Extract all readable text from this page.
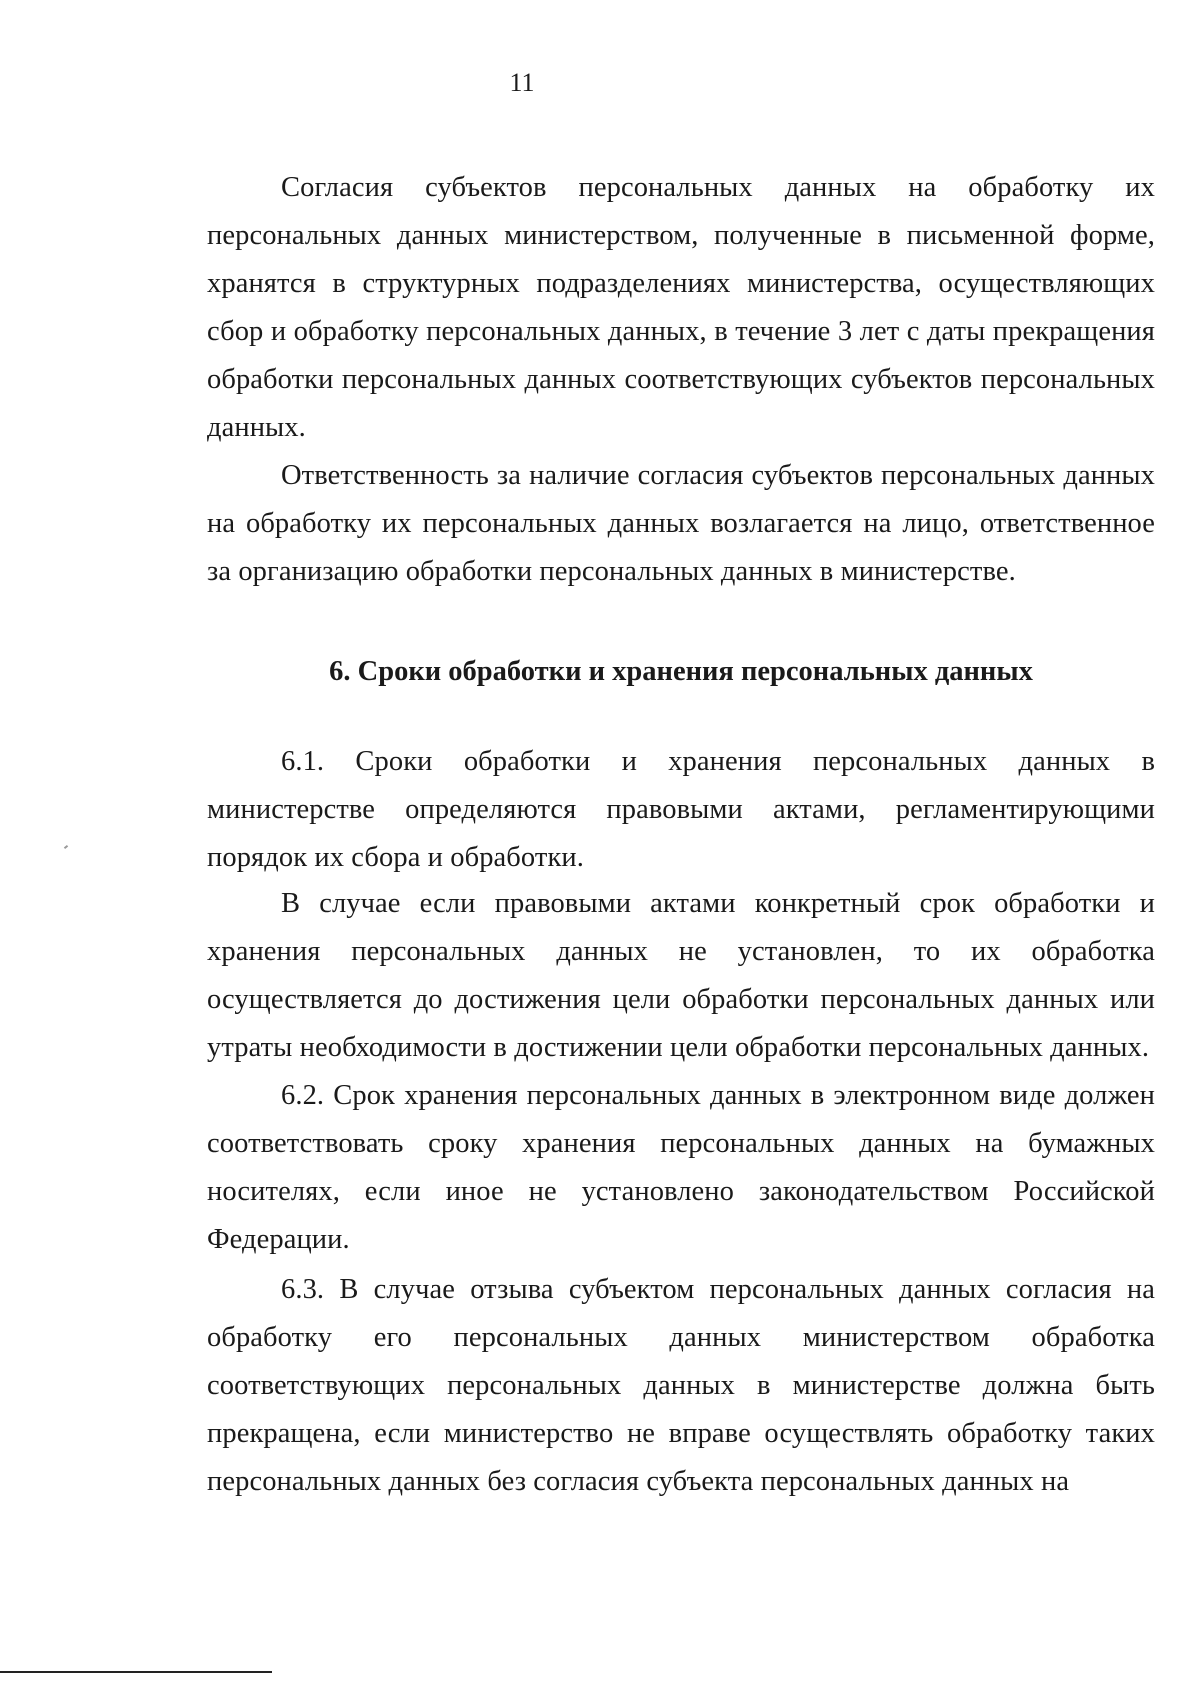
11

Согласия субъектов персональных данных на обработку их персональных данных министерством, полученные в письменной форме, хранятся в структурных подразделениях министерства, осуществляющих сбор и обработку персональных данных, в течение 3 лет с даты прекращения обработки персональных данных соответствующих субъектов персональных данных.

Ответственность за наличие согласия субъектов персональных данных на обработку их персональных данных возлагается на лицо, ответственное за организацию обработки персональных данных в министерстве.

6. Сроки обработки и хранения персональных данных

6.1. Сроки обработки и хранения персональных данных в министерстве определяются правовыми актами, регламентирующими порядок их сбора и обработки.

В случае если правовыми актами конкретный срок обработки и хранения персональных данных не установлен, то их обработка осуществляется до достижения цели обработки персональных данных или утраты необходимости в достижении цели обработки персональных данных.

6.2. Срок хранения персональных данных в электронном виде должен соответствовать сроку хранения персональных данных на бумажных носителях, если иное не установлено законодательством Российской Федерации.

6.3. В случае отзыва субъектом персональных данных согласия на обработку его персональных данных министерством обработка соответствующих персональных данных в министерстве должна быть прекращена, если министерство не вправе осуществлять обработку таких персональных данных без согласия субъекта персональных данных на
